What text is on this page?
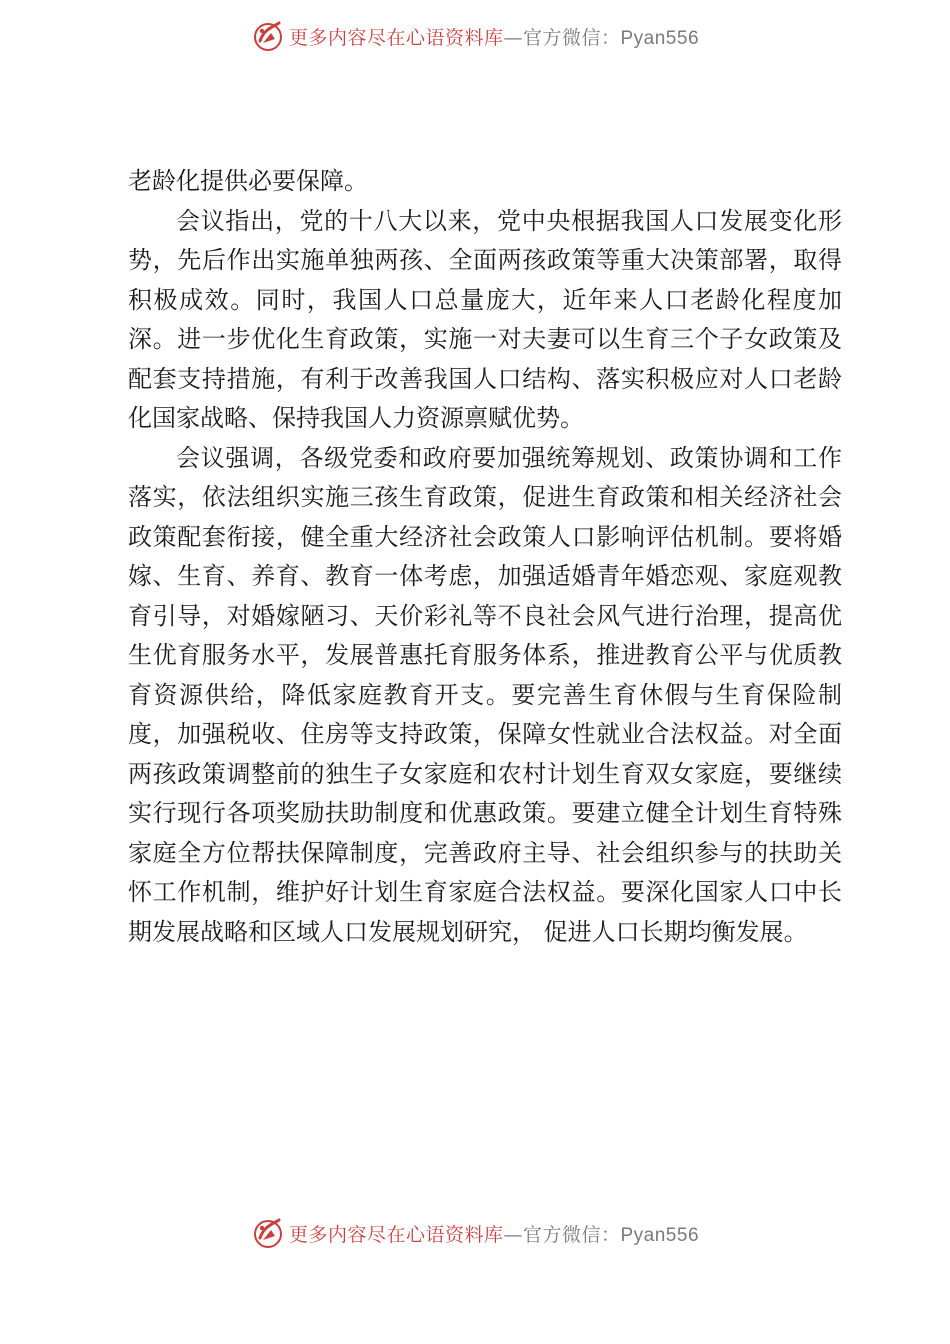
更多内容尽在心语资料库—官方微信：Pyan556

老龄化提供必要保障。

会议指出，党的十八大以来，党中央根据我国人口发展变化形势，先后作出实施单独两孩、全面两孩政策等重大决策部署，取得积极成效。同时，我国人口总量庞大，近年来人口老龄化程度加深。进一步优化生育政策，实施一对夫妻可以生育三个子女政策及配套支持措施，有利于改善我国人口结构、落实积极应对人口老龄化国家战略、保持我国人力资源禀赋优势。

会议强调，各级党委和政府要加强统筹规划、政策协调和工作落实，依法组织实施三孩生育政策，促进生育政策和相关经济社会政策配套衔接，健全重大经济社会政策人口影响评估机制。要将婚嫁、生育、养育、教育一体考虑，加强适婚青年婚恋观、家庭观教育引导，对婚嫁陋习、天价彩礼等不良社会风气进行治理，提高优生优育服务水平，发展普惠托育服务体系，推进教育公平与优质教育资源供给，降低家庭教育开支。要完善生育休假与生育保险制度，加强税收、住房等支持政策，保障女性就业合法权益。对全面两孩政策调整前的独生子女家庭和农村计划生育双女家庭，要继续实行现行各项奖励扶助制度和优惠政策。要建立健全计划生育特殊家庭全方位帮扶保障制度，完善政府主导、社会组织参与的扶助关怀工作机制，维护好计划生育家庭合法权益。要深化国家人口中长期发展战略和区域人口发展规划研究， 促进人口长期均衡发展。

更多内容尽在心语资料库—官方微信：Pyan556
